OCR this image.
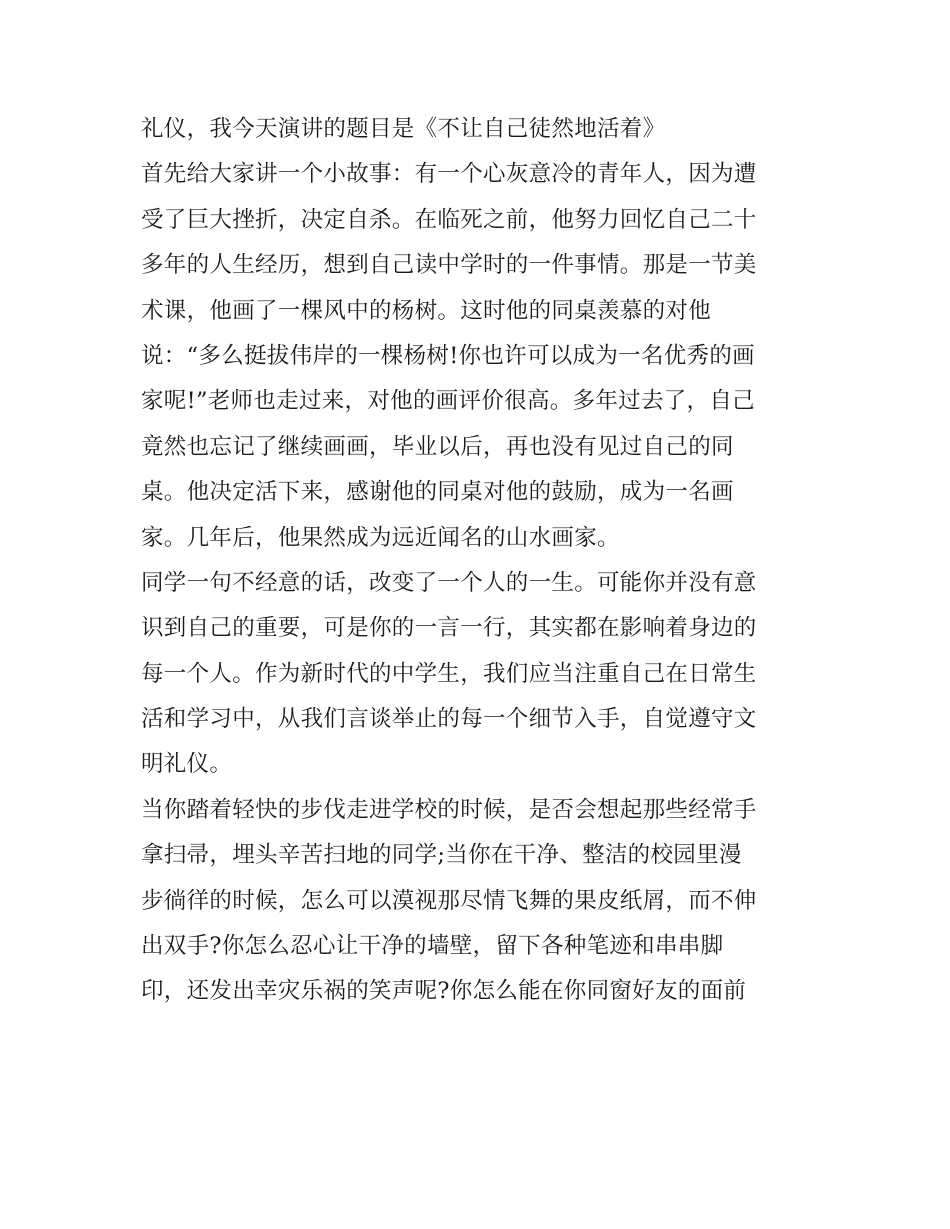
礼仪，我今天演讲的题目是《不让自己徒然地活着》
首先给大家讲一个小故事：有一个心灰意冷的青年人，因为遭
受了巨大挫折，决定自杀。在临死之前，他努力回忆自己二十
多年的人生经历，想到自己读中学时的一件事情。那是一节美
术课，他画了一棵风中的杨树。这时他的同桌羡慕的对他
说：“多么挺拔伟岸的一棵杨树!你也许可以成为一名优秀的画
家呢!”老师也走过来，对他的画评价很高。多年过去了，自己
竟然也忘记了继续画画，毕业以后，再也没有见过自己的同
桌。他决定活下来，感谢他的同桌对他的鼓励，成为一名画
家。几年后，他果然成为远近闻名的山水画家。
同学一句不经意的话，改变了一个人的一生。可能你并没有意
识到自己的重要，可是你的一言一行，其实都在影响着身边的
每一个人。作为新时代的中学生，我们应当注重自己在日常生
活和学习中，从我们言谈举止的每一个细节入手，自觉遵守文
明礼仪。
当你踏着轻快的步伐走进学校的时候，是否会想起那些经常手
拿扫帚，埋头辛苦扫地的同学;当你在干净、整洁的校园里漫
步徜徉的时候，怎么可以漠视那尽情飞舞的果皮纸屑，而不伸
出双手?你怎么忍心让干净的墙壁，留下各种笔迹和串串脚
印，还发出幸灾乐祸的笑声呢?你怎么能在你同窗好友的面前
